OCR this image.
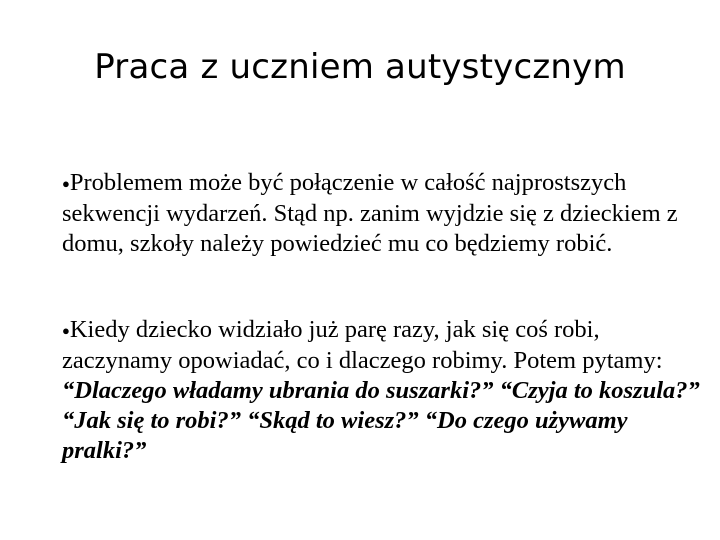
Praca z uczniem autystycznym

●Problemem może być połączenie w całość najprostszych sekwencji wydarzeń. Stąd np. zanim wyjdzie się z dzieckiem z domu, szkoły należy powiedzieć mu co będziemy robić.

●Kiedy dziecko widziało już parę razy, jak się coś robi, zaczynamy opowiadać, co i dlaczego robimy. Potem pytamy: “Dlaczego władamy ubrania do suszarki?” “Czyja to koszula?” “Jak się to robi?” “Skąd to wiesz?” “Do czego używamy pralki?”
